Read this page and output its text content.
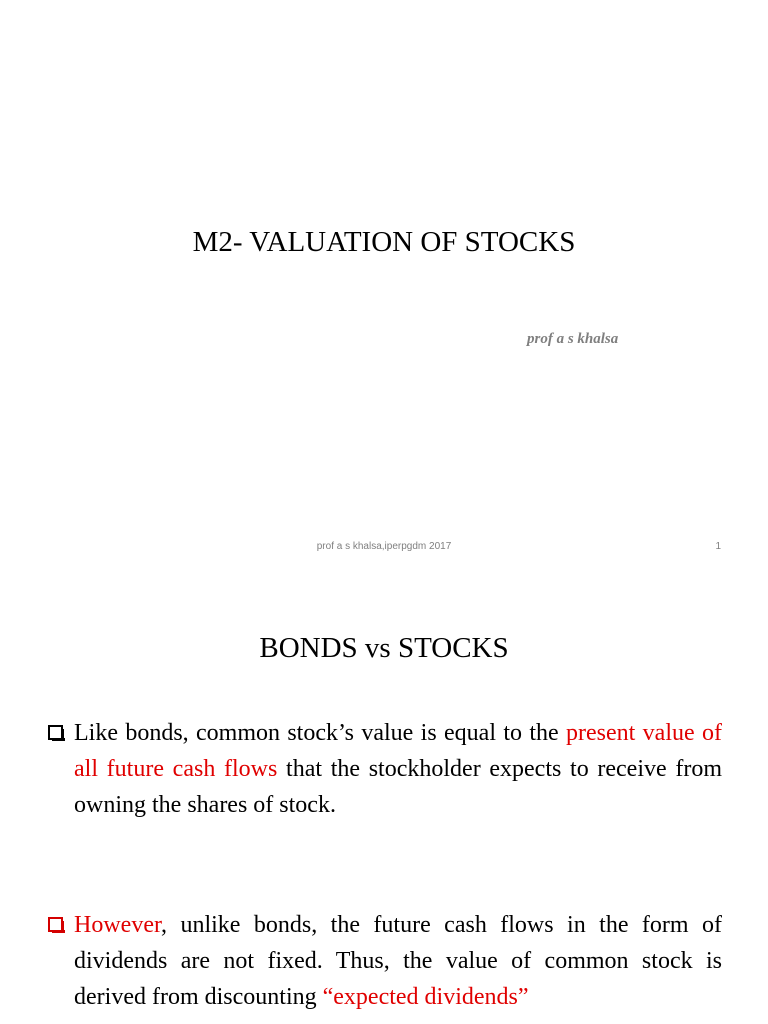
M2- VALUATION OF STOCKS
prof a s khalsa
prof a s khalsa,iperpgdm 2017	1
BONDS vs STOCKS
Like bonds, common stock’s value is equal to the present value of all future cash flows that the stockholder expects to receive from owning the shares of stock.
However, unlike bonds, the future cash flows in the form of dividends are not fixed. Thus, the value of common stock is derived from discounting “expected dividends”
